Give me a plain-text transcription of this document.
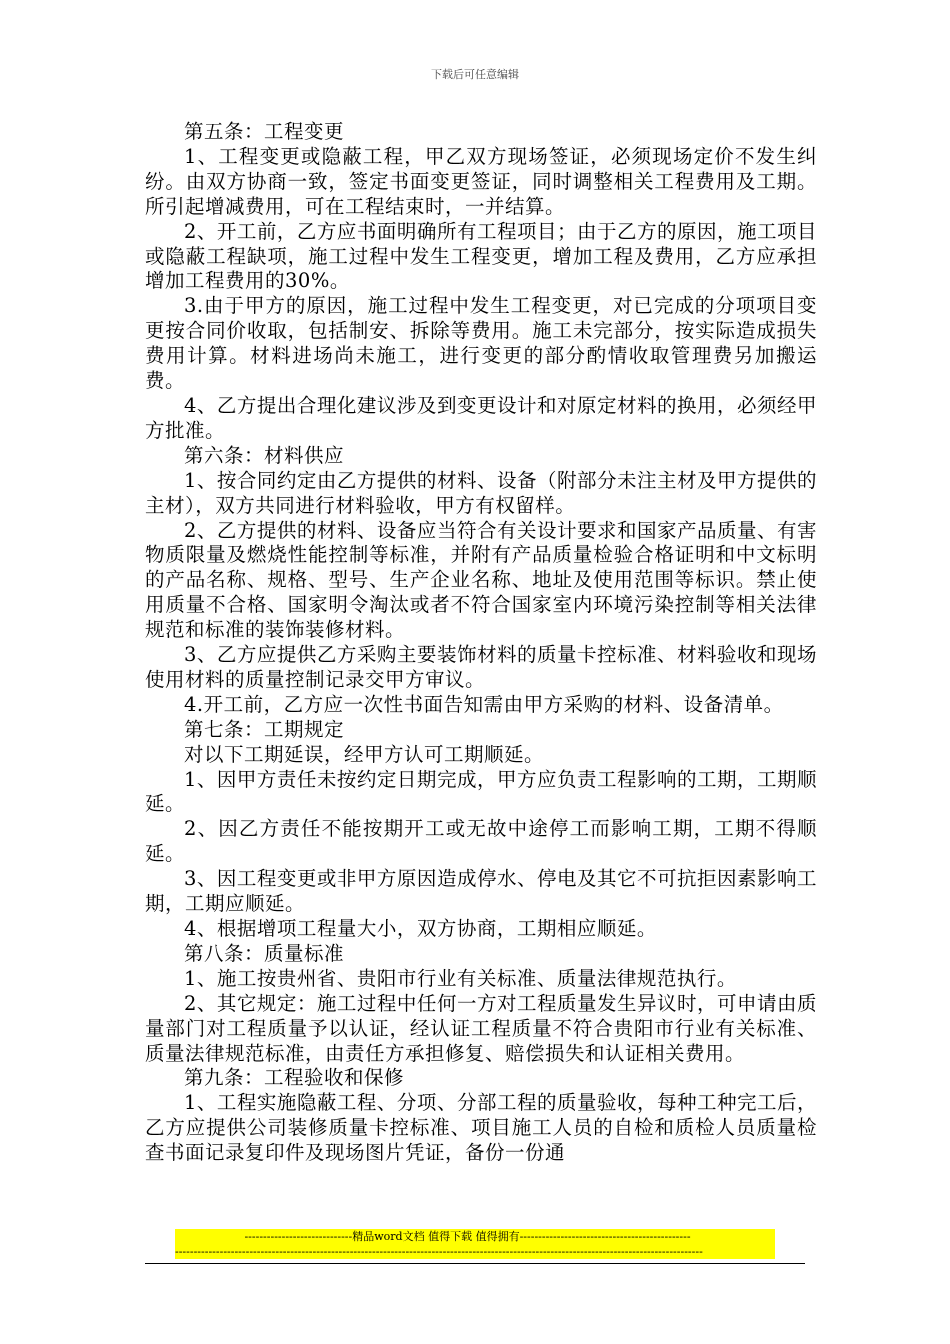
下载后可任意编辑

第五条：工程变更

1、工程变更或隐蔽工程，甲乙双方现场签证，必须现场定价不发生纠纷。由双方协商一致，签定书面变更签证，同时调整相关工程费用及工期。所引起增减费用，可在工程结束时，一并结算。

2、开工前，乙方应书面明确所有工程项目；由于乙方的原因，施工项目或隐蔽工程缺项，施工过程中发生工程变更，增加工程及费用，乙方应承担增加工程费用的30%。

3.由于甲方的原因，施工过程中发生工程变更，对已完成的分项项目变更按合同价收取，包括制安、拆除等费用。施工未完部分，按实际造成损失费用计算。材料进场尚未施工，进行变更的部分酌情收取管理费另加搬运费。

4、乙方提出合理化建议涉及到变更设计和对原定材料的换用，必须经甲方批准。

第六条：材料供应

1、按合同约定由乙方提供的材料、设备（附部分未注主材及甲方提供的主材），双方共同进行材料验收，甲方有权留样。

2、乙方提供的材料、设备应当符合有关设计要求和国家产品质量、有害物质限量及燃烧性能控制等标准，并附有产品质量检验合格证明和中文标明的产品名称、规格、型号、生产企业名称、地址及使用范围等标识。禁止使用质量不合格、国家明令淘汰或者不符合国家室内环境污染控制等相关法律规范和标准的装饰装修材料。

3、乙方应提供乙方采购主要装饰材料的质量卡控标准、材料验收和现场使用材料的质量控制记录交甲方审议。

4.开工前，乙方应一次性书面告知需由甲方采购的材料、设备清单。

第七条：工期规定

对以下工期延误，经甲方认可工期顺延。

1、因甲方责任未按约定日期完成，甲方应负责工程影响的工期，工期顺延。

2、因乙方责任不能按期开工或无故中途停工而影响工期，工期不得顺延。

3、因工程变更或非甲方原因造成停水、停电及其它不可抗拒因素影响工期，工期应顺延。

4、根据增项工程量大小，双方协商，工期相应顺延。

第八条：质量标准

1、施工按贵州省、贵阳市行业有关标准、质量法律规范执行。

2、其它规定：施工过程中任何一方对工程质量发生异议时，可申请由质量部门对工程质量予以认证，经认证工程质量不符合贵阳市行业有关标准、质量法律规范标准，由责任方承担修复、赔偿损失和认证相关费用。

第九条：工程验收和保修

1、工程实施隐蔽工程、分项、分部工程的质量验收，每种工种完工后，乙方应提供公司装修质量卡控标准、项目施工人员的自检和质检人员质量检查书面记录复印件及现场图片凭证，备份一份通

-----------------------------精品word文档 值得下载 值得拥有----------------------------------------------
----------------------------------------------------------------------------------------------------------------------------------------------
